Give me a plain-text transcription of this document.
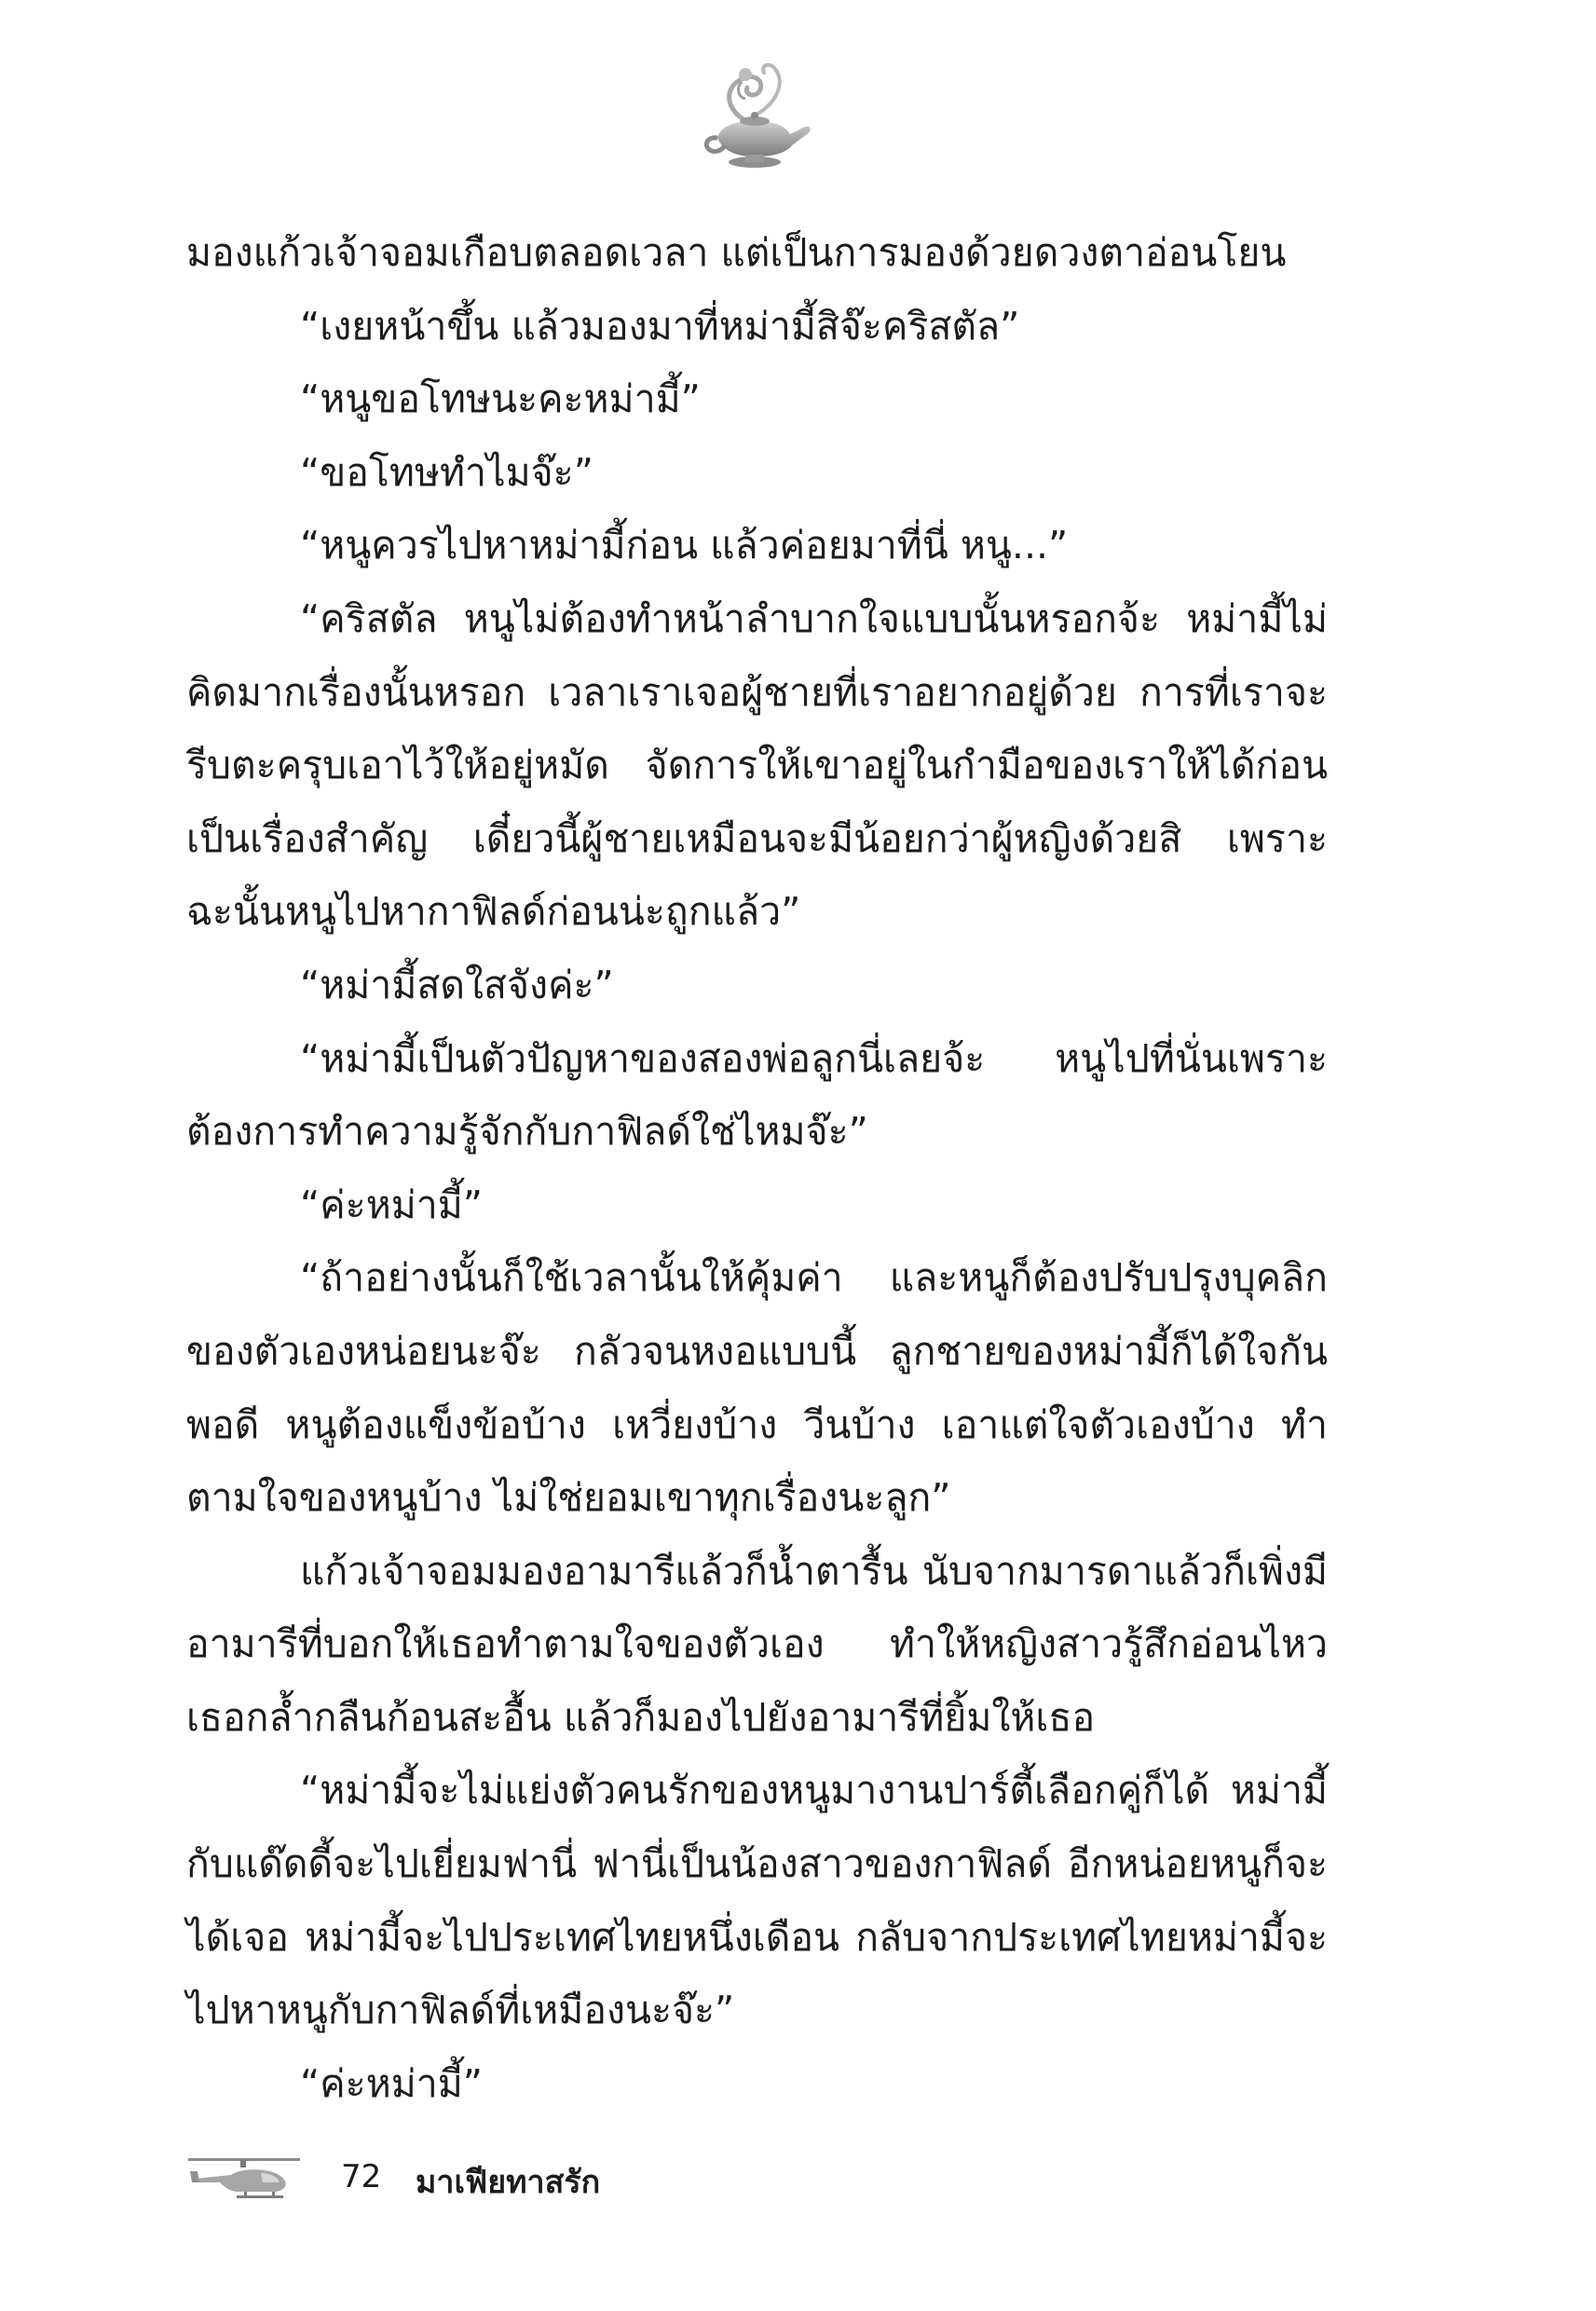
มองแก้วเจ้าจอมเกือบตลอดเวลา แต่เป็นการมองด้วยดวงตาอ่อนโยน

“เงยหน้าขึ้น แล้วมองมาที่หม่ามี้สิจ๊ะคริสตัล”

“หนูขอโทษนะคะหม่ามี้”

“ขอโทษทำไมจ๊ะ”

“หนูควรไปหาหม่ามี้ก่อน แล้วค่อยมาที่นี่ หนู...”

“คริสตัล หนูไม่ต้องทำหน้าลำบากใจแบบนั้นหรอกจ้ะ หม่ามี้ไม่คิดมากเรื่องนั้นหรอก เวลาเราเจอผู้ชายที่เราอยากอยู่ด้วย การที่เราจะรีบตะครุบเอาไว้ให้อยู่หมัด จัดการให้เขาอยู่ในกำมือของเราให้ได้ก่อน เป็นเรื่องสำคัญ เดี๋ยวนี้ผู้ชายเหมือนจะมีน้อยกว่าผู้หญิงด้วยสิ เพราะฉะนั้นหนูไปหากาฟิลด์ก่อนน่ะถูกแล้ว”

“หม่ามี้สดใสจังค่ะ”

“หม่ามี้เป็นตัวปัญหาของสองพ่อลูกนี่เลยจ้ะ หนูไปที่นั่นเพราะต้องการทำความรู้จักกับกาฟิลด์ใช่ไหมจ๊ะ”

“ค่ะหม่ามี้”

“ถ้าอย่างนั้นก็ใช้เวลานั้นให้คุ้มค่า และหนูก็ต้องปรับปรุงบุคลิกของตัวเองหน่อยนะจ๊ะ กลัวจนหงอแบบนี้ ลูกชายของหม่ามี้ก็ได้ใจกันพอดี หนูต้องแข็งข้อบ้าง เหวี่ยงบ้าง วีนบ้าง เอาแต่ใจตัวเองบ้าง ทำตามใจของหนูบ้าง ไม่ใช่ยอมเขาทุกเรื่องนะลูก”

แก้วเจ้าจอมมองอามารีแล้วก็น้ำตารื้น นับจากมารดาแล้วก็เพิ่งมีอามารีที่บอกให้เธอทำตามใจของตัวเอง ทำให้หญิงสาวรู้สึกอ่อนไหว เธอกล้ำกลืนก้อนสะอื้น แล้วก็มองไปยังอามารีที่ยิ้มให้เธอ

“หม่ามี้จะไม่แย่งตัวคนรักของหนูมางานปาร์ตี้เลือกคู่ก็ได้ หม่ามี้กับแด๊ดดี้จะไปเยี่ยมฟานี่ ฟานี่เป็นน้องสาวของกาฟิลด์ อีกหน่อยหนูก็จะได้เจอ หม่ามี้จะไปประเทศไทยหนึ่งเดือน กลับจากประเทศไทยหม่ามี้จะไปหาหนูกับกาฟิลด์ที่เหมืองนะจ๊ะ”

“ค่ะหม่ามี้”

72 มาเฟียทาสรัก
